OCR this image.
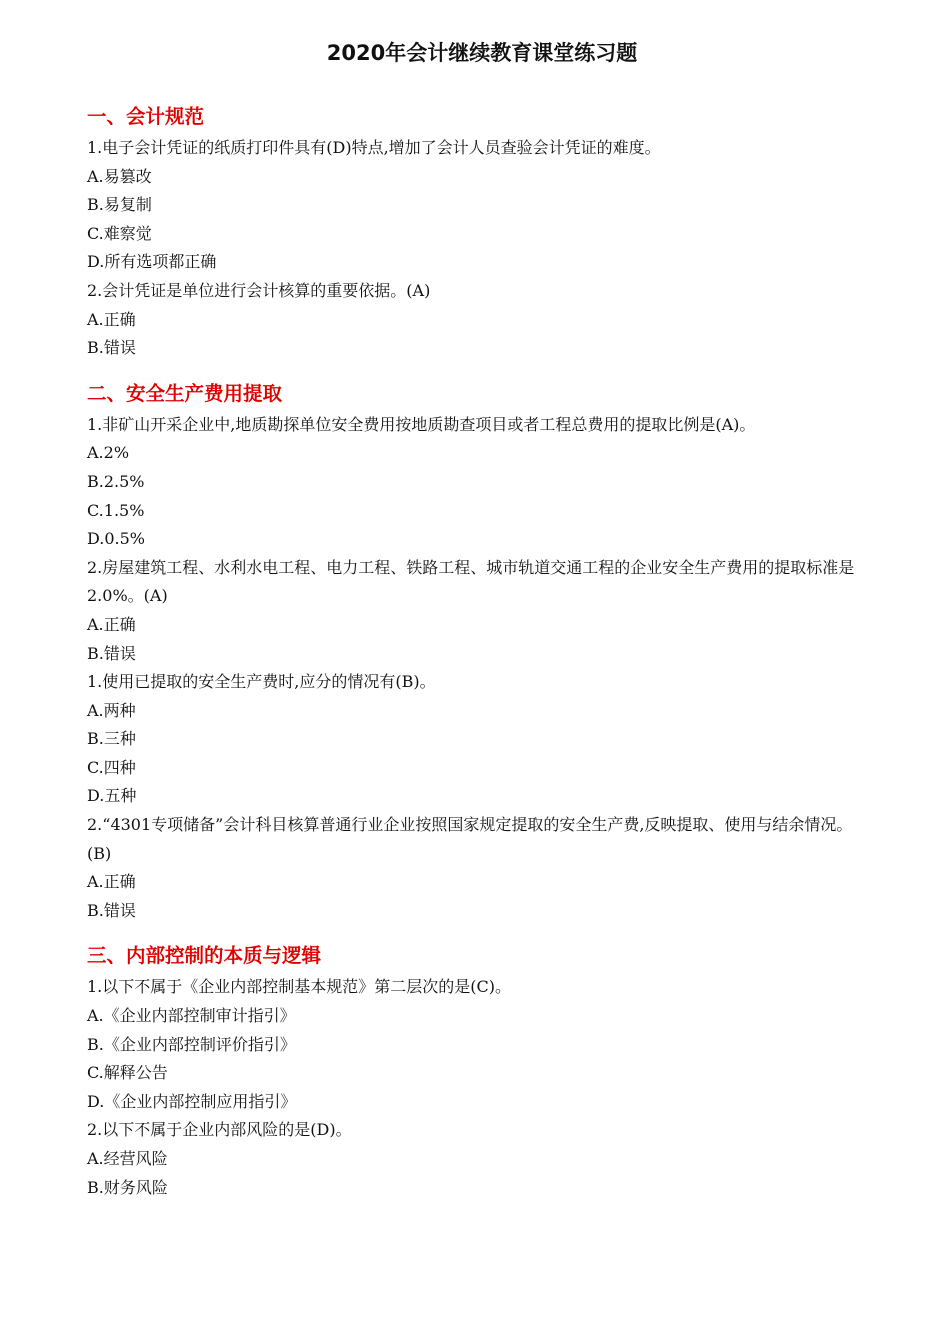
2020年会计继续教育课堂练习题
一、会计规范
1.电子会计凭证的纸质打印件具有(D)特点,增加了会计人员查验会计凭证的难度。
A.易篡改
B.易复制
C.难察觉
D.所有选项都正确
2.会计凭证是单位进行会计核算的重要依据。(A)
A.正确
B.错误
二、安全生产费用提取
1.非矿山开采企业中,地质勘探单位安全费用按地质勘查项目或者工程总费用的提取比例是(A)。
A.2%
B.2.5%
C.1.5%
D.0.5%
2.房屋建筑工程、水利水电工程、电力工程、铁路工程、城市轨道交通工程的企业安全生产费用的提取标准是2.0%。(A)
A.正确
B.错误
1.使用已提取的安全生产费时,应分的情况有(B)。
A.两种
B.三种
C.四种
D.五种
2.“4301专项储备”会计科目核算普通行业企业按照国家规定提取的安全生产费,反映提取、使用与结余情况。(B)
A.正确
B.错误
三、内部控制的本质与逻辑
1.以下不属于《企业内部控制基本规范》第二层次的是(C)。
A.《企业内部控制审计指引》
B.《企业内部控制评价指引》
C.解释公告
D.《企业内部控制应用指引》
2.以下不属于企业内部风险的是(D)。
A.经营风险
B.财务风险
